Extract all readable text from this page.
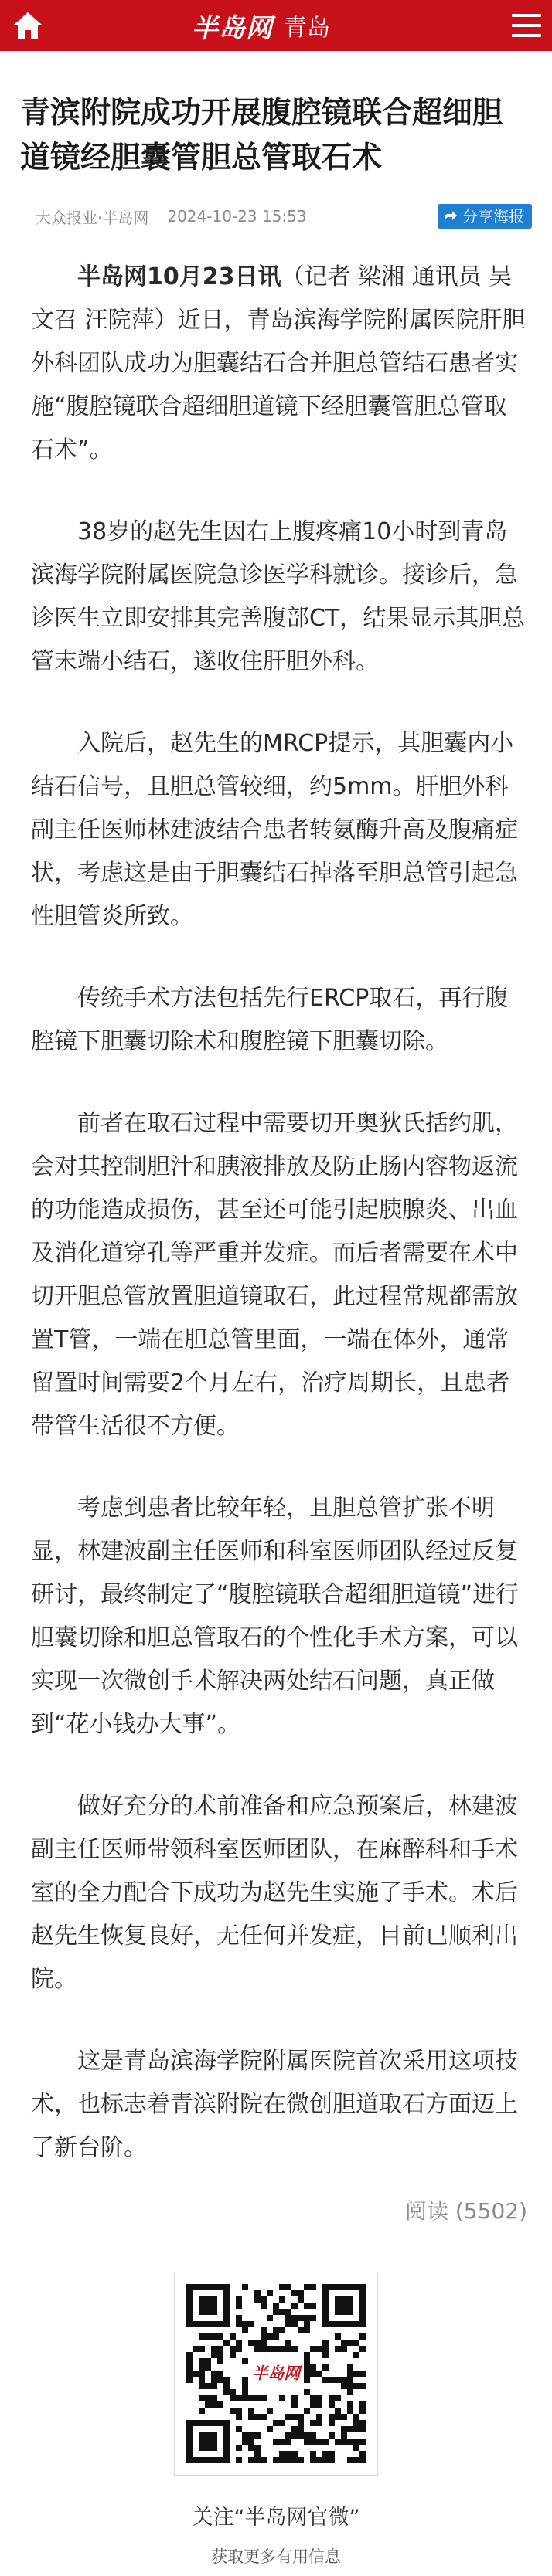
半岛网 青岛
青滨附院成功开展腹腔镜联合超细胆道镜经胆囊管胆总管取石术
大众报业·半岛网 2024-10-23 15:53	分享海报

半岛网10月23日讯（记者 梁湘 通讯员 吴文召 汪院萍）近日，青岛滨海学院附属医院肝胆外科团队成功为胆囊结石合并胆总管结石患者实施“腹腔镜联合超细胆道镜下经胆囊管胆总管取石术”。

38岁的赵先生因右上腹疼痛10小时到青岛滨海学院附属医院急诊医学科就诊。接诊后，急诊医生立即安排其完善腹部CT，结果显示其胆总管末端小结石，遂收住肝胆外科。

入院后，赵先生的MRCP提示，其胆囊内小结石信号，且胆总管较细，约5mm。肝胆外科副主任医师林建波结合患者转氨酶升高及腹痛症状，考虑这是由于胆囊结石掉落至胆总管引起急性胆管炎所致。

传统手术方法包括先行ERCP取石，再行腹腔镜下胆囊切除术和腹腔镜下胆囊切除。

前者在取石过程中需要切开奥狄氏括约肌，会对其控制胆汁和胰液排放及防止肠内容物返流的功能造成损伤，甚至还可能引起胰腺炎、出血及消化道穿孔等严重并发症。而后者需要在术中切开胆总管放置胆道镜取石，此过程常规都需放置T管，一端在胆总管里面，一端在体外，通常留置时间需要2个月左右，治疗周期长，且患者带管生活很不方便。

考虑到患者比较年轻，且胆总管扩张不明显，林建波副主任医师和科室医师团队经过反复研讨，最终制定了“腹腔镜联合超细胆道镜”进行胆囊切除和胆总管取石的个性化手术方案，可以实现一次微创手术解决两处结石问题，真正做到“花小钱办大事”。

做好充分的术前准备和应急预案后，林建波副主任医师带领科室医师团队，在麻醉科和手术室的全力配合下成功为赵先生实施了手术。术后赵先生恢复良好，无任何并发症，目前已顺利出院。

这是青岛滨海学院附属医院首次采用这项技术，也标志着青滨附院在微创胆道取石方面迈上了新台阶。

阅读 (5502)
半岛网
关注“半岛网官微”
获取更多有用信息
